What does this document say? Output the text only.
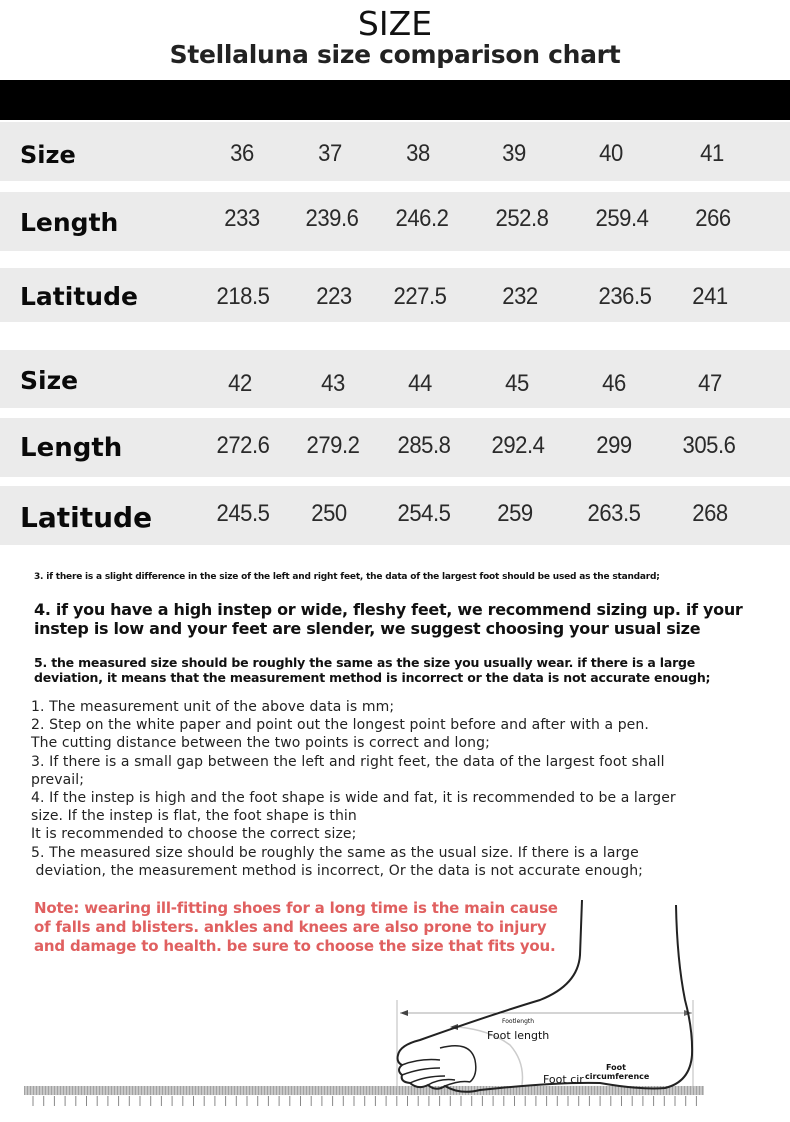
SIZE
Stellaluna size comparison chart
Size	36	37	38	39	40	41
Length	233	239.6	246.2	252.8	259.4	266
Latitude	218.5	223	227.5	232	236.5	241
Size	42	43	44	45	46	47
Length	272.6	279.2	285.8	292.4	299	305.6
Latitude	245.5	250	254.5	259	263.5	268
3. if there is a slight difference in the size of the left and right feet, the data of the largest foot should be used as the standard;
4. if you have a high instep or wide, fleshy feet, we recommend sizing up. if your
instep is low and your feet are slender, we suggest choosing your usual size
5. the measured size should be roughly the same as the size you usually wear. if there is a large
deviation, it means that the measurement method is incorrect or the data is not accurate enough;
1. The measurement unit of the above data is mm;
2. Step on the white paper and point out the longest point before and after with a pen.
The cutting distance between the two points is correct and long;
3. If there is a small gap between the left and right feet, the data of the largest foot shall
prevail;
4. If the instep is high and the foot shape is wide and fat, it is recommended to be a larger
size. If the instep is flat, the foot shape is thin
It is recommended to choose the correct size;
5. The measured size should be roughly the same as the usual size. If there is a large
deviation, the measurement method is incorrect, Or the data is not accurate enough;
Footlength
Foot length
Foot cir
Foot
circumference
Note: wearing ill-fitting shoes for a long time is the main cause
of falls and blisters. ankles and knees are also prone to injury
and damage to health. be sure to choose the size that fits you.
